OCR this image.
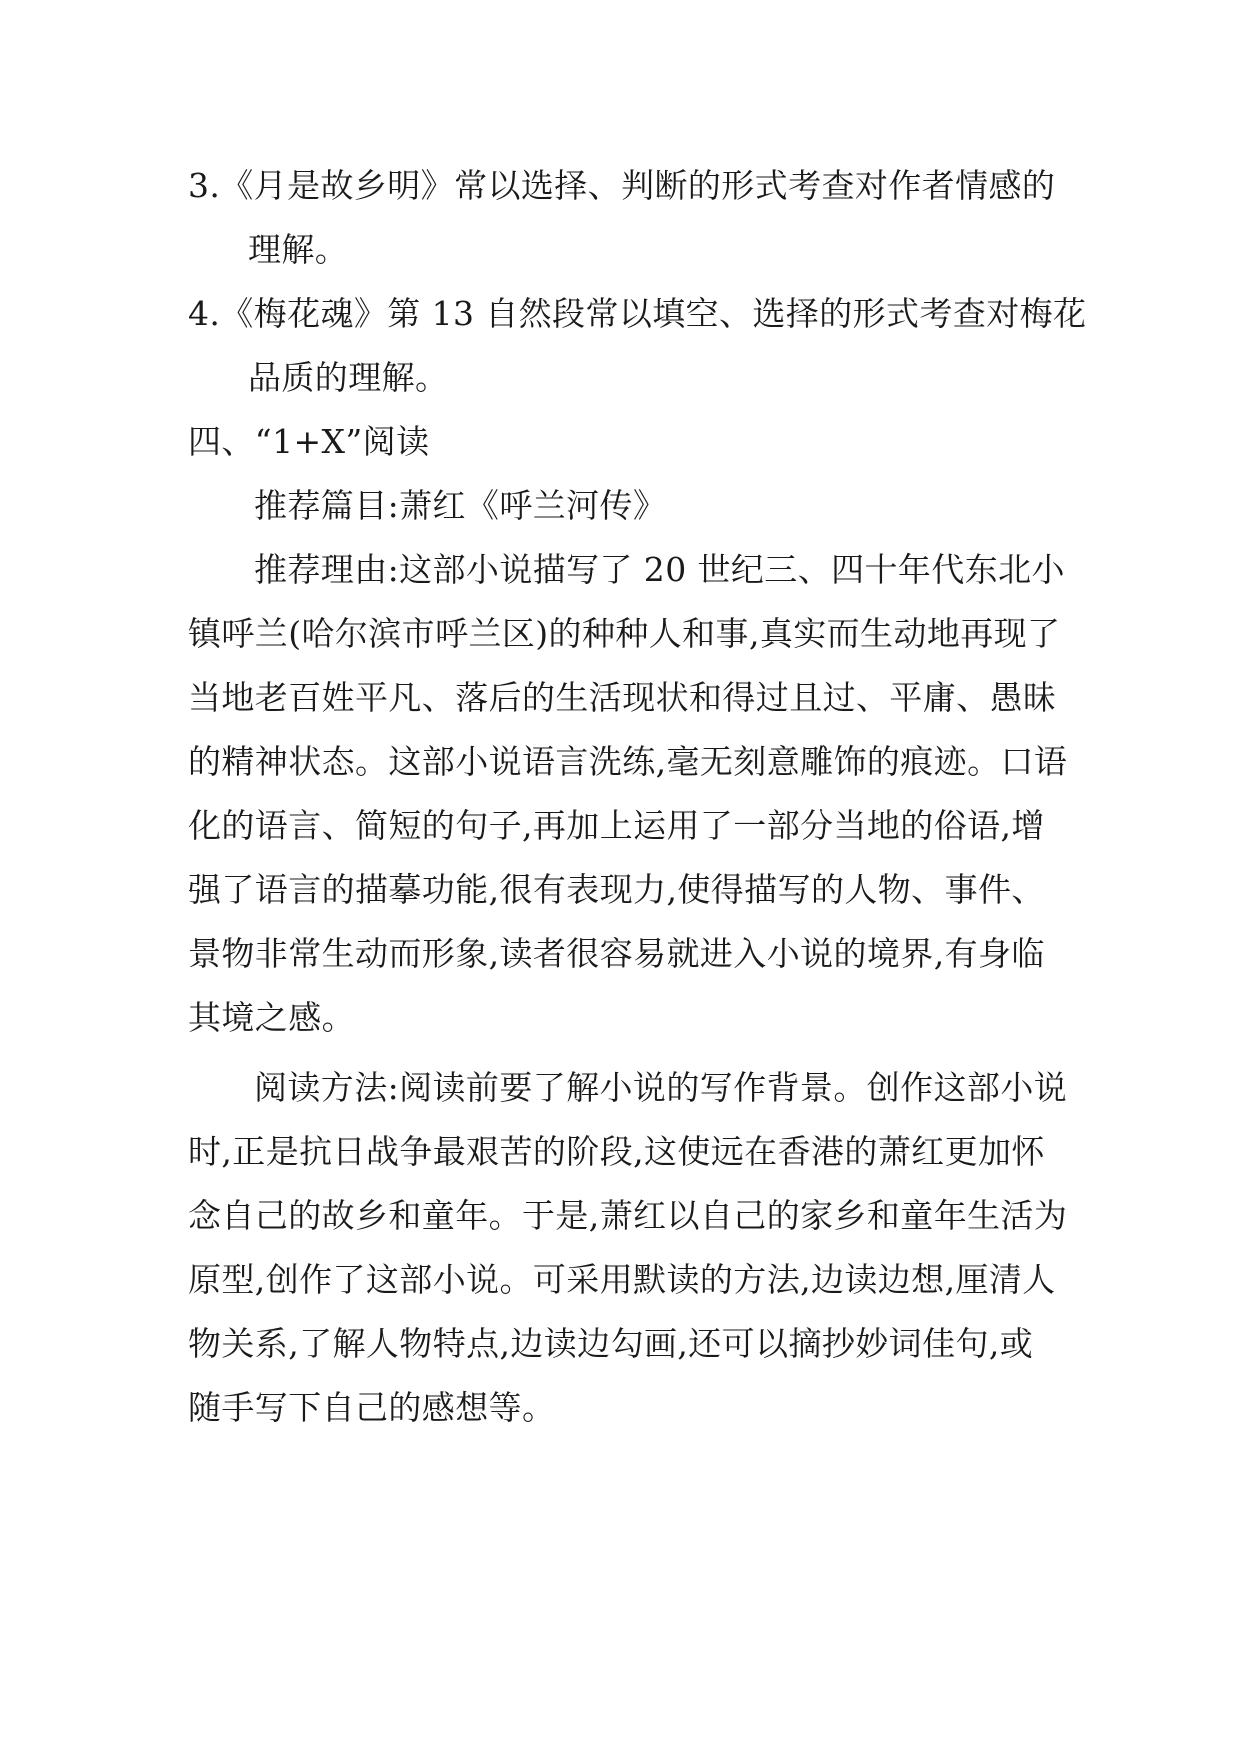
3.《月是故乡明》常以选择、判断的形式考查对作者情感的
理解。
4.《梅花魂》第 13 自然段常以填空、选择的形式考查对梅花
品质的理解。
四、“1+X”阅读
推荐篇目:萧红《呼兰河传》
推荐理由:这部小说描写了 20 世纪三、四十年代东北小
镇呼兰(哈尔滨市呼兰区)的种种人和事,真实而生动地再现了
当地老百姓平凡、落后的生活现状和得过且过、平庸、愚昧
的精神状态。这部小说语言洗练,毫无刻意雕饰的痕迹。口语
化的语言、简短的句子,再加上运用了一部分当地的俗语,增
强了语言的描摹功能,很有表现力,使得描写的人物、事件、
景物非常生动而形象,读者很容易就进入小说的境界,有身临
其境之感。
阅读方法:阅读前要了解小说的写作背景。创作这部小说
时,正是抗日战争最艰苦的阶段,这使远在香港的萧红更加怀
念自己的故乡和童年。于是,萧红以自己的家乡和童年生活为
原型,创作了这部小说。可采用默读的方法,边读边想,厘清人
物关系,了解人物特点,边读边勾画,还可以摘抄妙词佳句,或
随手写下自己的感想等。
